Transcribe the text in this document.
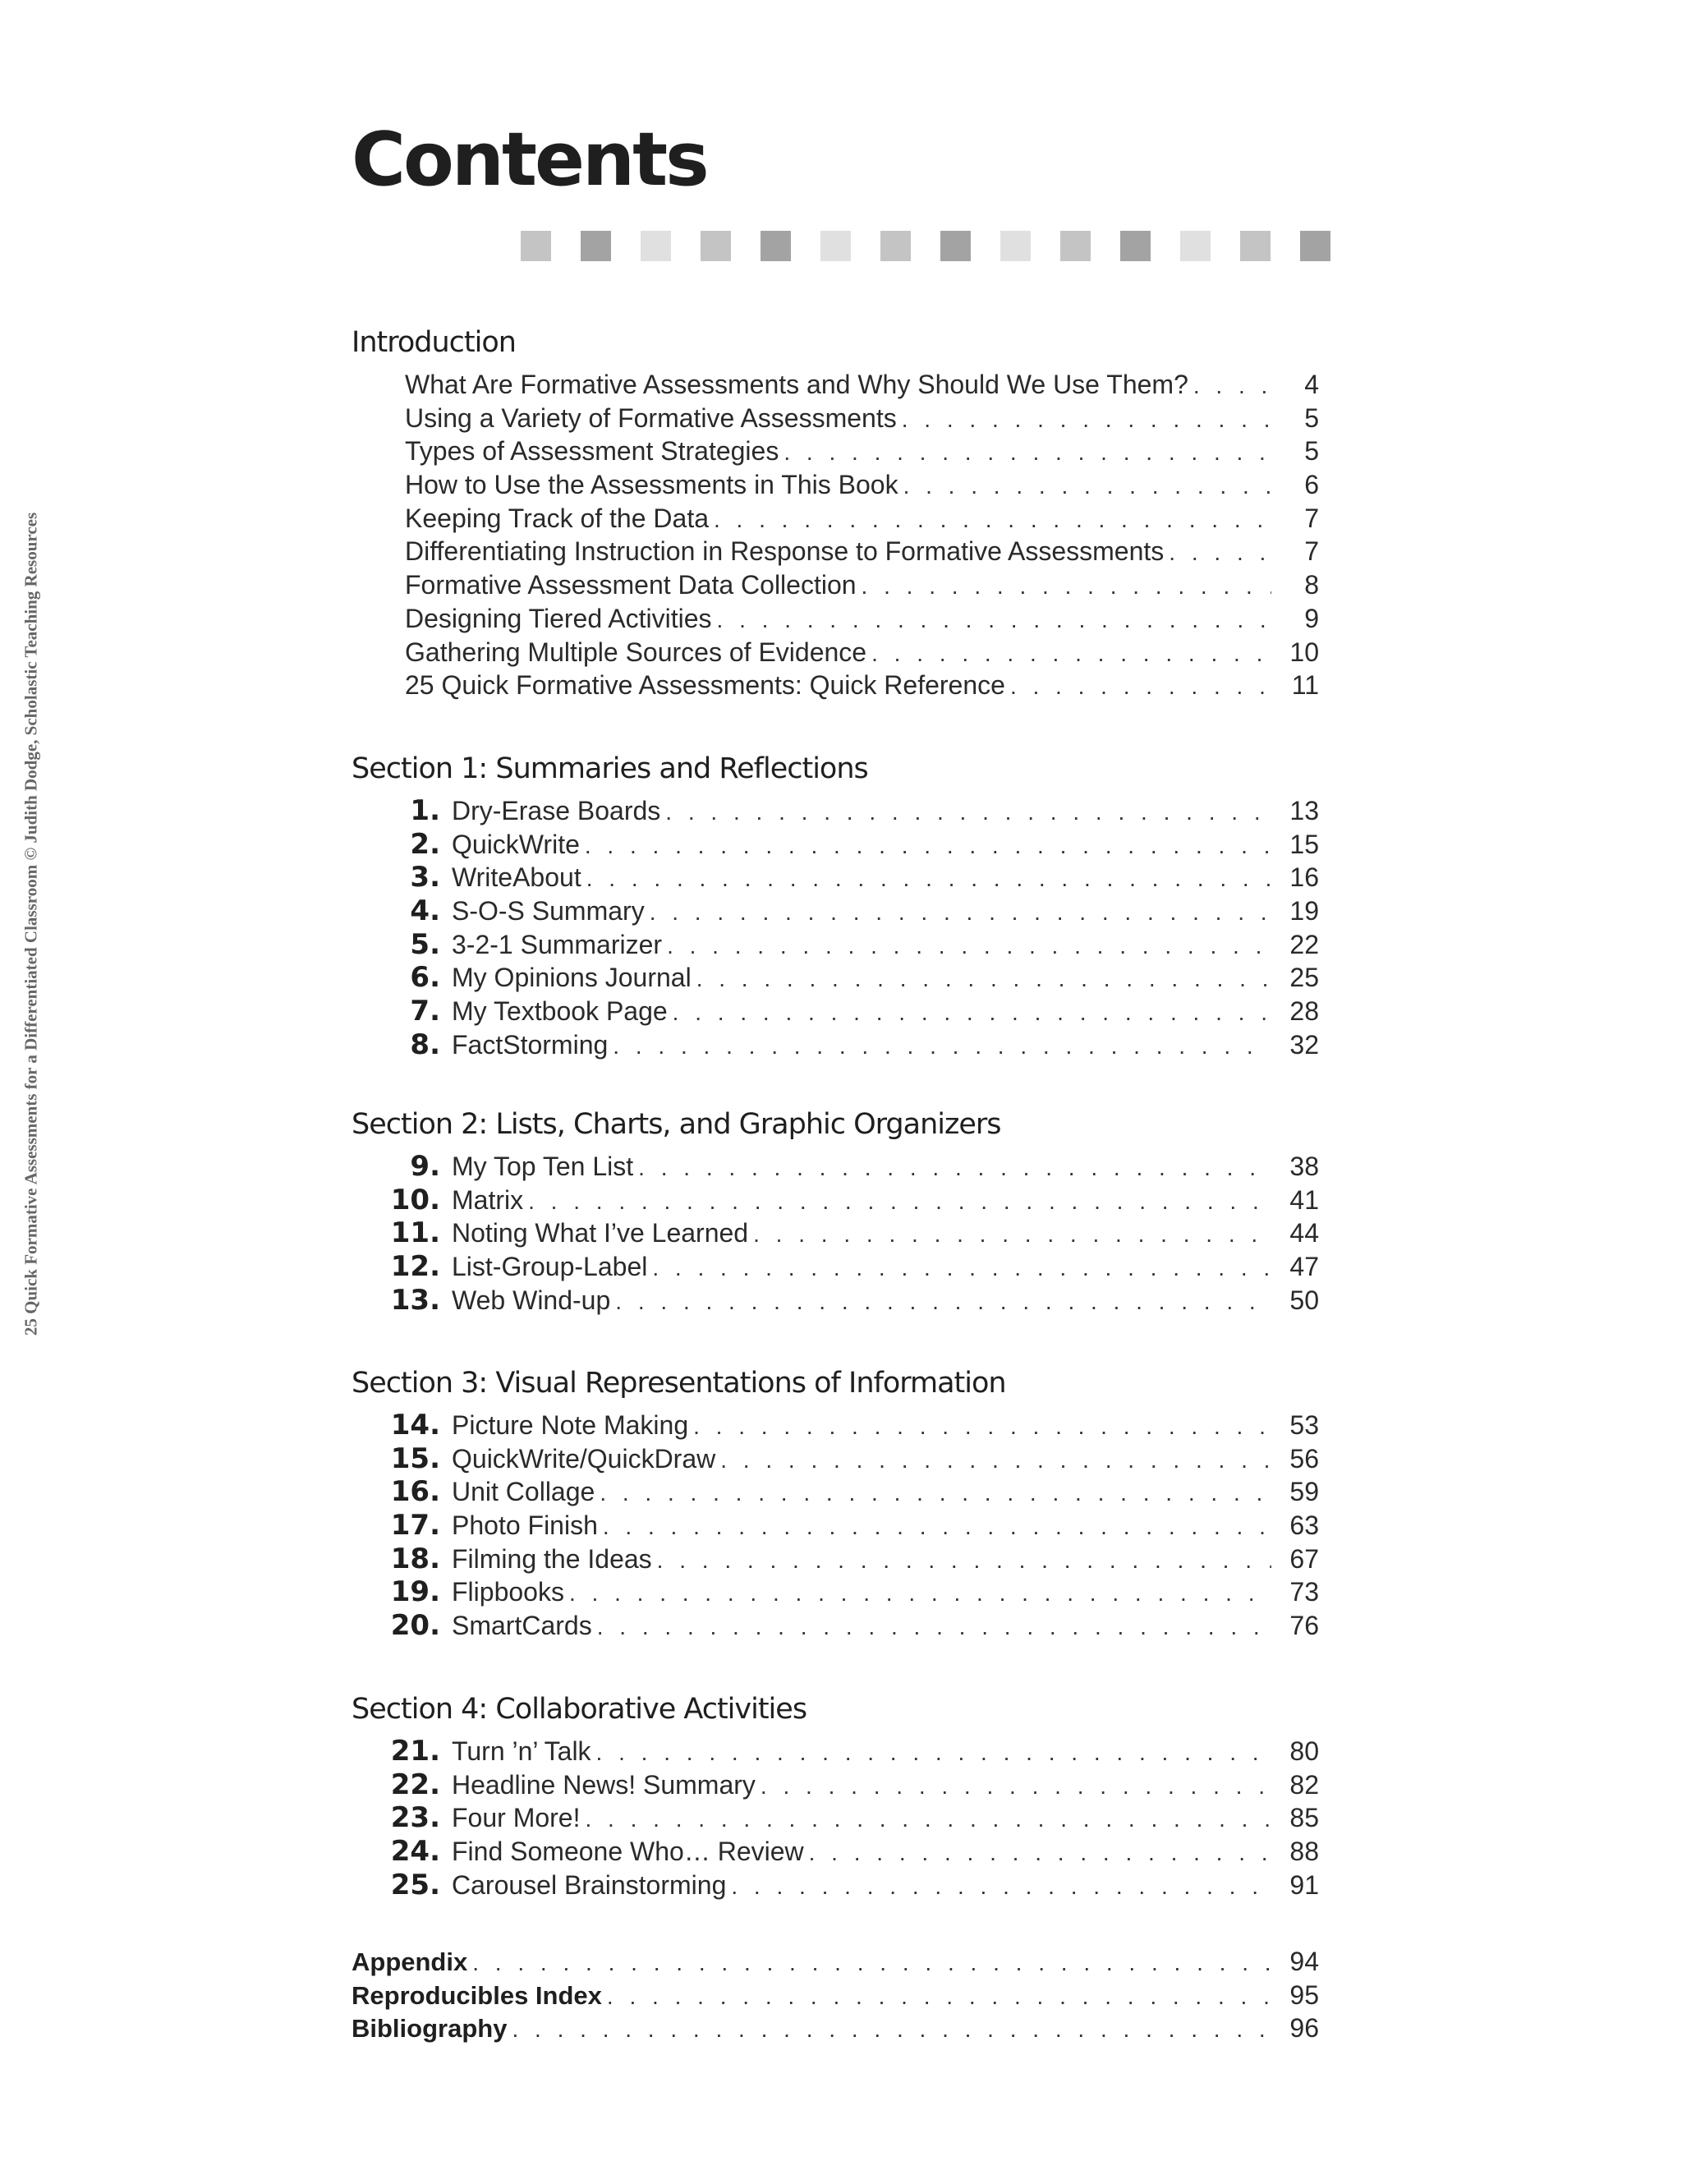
25 Quick Formative Assessments for a Differentiated Classroom © Judith Dodge, Scholastic Teaching Resources
Contents
Introduction
What Are Formative Assessments and Why Should We Use Them? . . .	4
Using a Variety of Formative Assessments . . .	5
Types of Assessment Strategies . . .	5
How to Use the Assessments in This Book . . .	6
Keeping Track of the Data . . .	7
Differentiating Instruction in Response to Formative Assessments . . .	7
Formative Assessment Data Collection . . .	8
Designing Tiered Activities . . .	9
Gathering Multiple Sources of Evidence . . .	10
25 Quick Formative Assessments: Quick Reference . . .	11
Section 1: Summaries and Reflections
1. Dry-Erase Boards . . .	13
2. QuickWrite . . .	15
3. WriteAbout . . .	16
4. S-O-S Summary . . .	19
5. 3-2-1 Summarizer . . .	22
6. My Opinions Journal . . .	25
7. My Textbook Page . . .	28
8. FactStorming . . .	32
Section 2: Lists, Charts, and Graphic Organizers
9. My Top Ten List . . .	38
10. Matrix . . .	41
11. Noting What I’ve Learned . . .	44
12. List-Group-Label . . .	47
13. Web Wind-up . . .	50
Section 3: Visual Representations of Information
14. Picture Note Making . . .	53
15. QuickWrite/QuickDraw . . .	56
16. Unit Collage . . .	59
17. Photo Finish . . .	63
18. Filming the Ideas . . .	67
19. Flipbooks . . .	73
20. SmartCards . . .	76
Section 4: Collaborative Activities
21. Turn ’n’ Talk . . .	80
22. Headline News! Summary . . .	82
23. Four More! . . .	85
24. Find Someone Who… Review . . .	88
25. Carousel Brainstorming . . .	91
Appendix . . .	94
Reproducibles Index . . .	95
Bibliography . . .	96
